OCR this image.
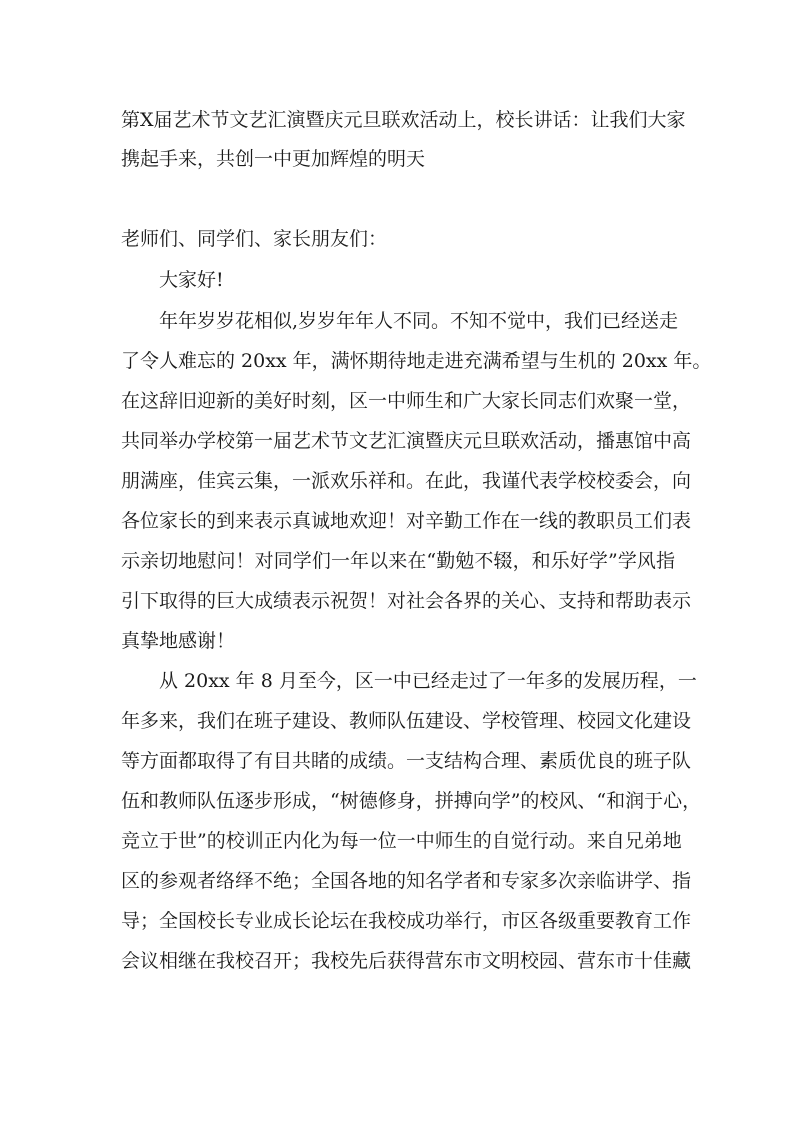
第X届艺术节文艺汇演暨庆元旦联欢活动上，校长讲话：让我们大家
携起手来，共创一中更加辉煌的明天
老师们、同学们、家长朋友们：
大家好!
年年岁岁花相似,岁岁年年人不同。不知不觉中，我们已经送走
了令人难忘的 20xx 年，满怀期待地走进充满希望与生机的 20xx 年。
在这辞旧迎新的美好时刻，区一中师生和广大家长同志们欢聚一堂，
共同举办学校第一届艺术节文艺汇演暨庆元旦联欢活动，播惠馆中高
朋满座，佳宾云集，一派欢乐祥和。在此，我谨代表学校校委会，向
各位家长的到来表示真诚地欢迎！对辛勤工作在一线的教职员工们表
示亲切地慰问！对同学们一年以来在“勤勉不辍，和乐好学”学风指
引下取得的巨大成绩表示祝贺！对社会各界的关心、支持和帮助表示
真挚地感谢！
从 20xx 年 8 月至今，区一中已经走过了一年多的发展历程，一
年多来，我们在班子建设、教师队伍建设、学校管理、校园文化建设
等方面都取得了有目共睹的成绩。一支结构合理、素质优良的班子队
伍和教师队伍逐步形成，“树德修身，拼搏向学”的校风、“和润于心，
竞立于世”的校训正内化为每一位一中师生的自觉行动。来自兄弟地
区的参观者络绎不绝；全国各地的知名学者和专家多次亲临讲学、指
导；全国校长专业成长论坛在我校成功举行，市区各级重要教育工作
会议相继在我校召开；我校先后获得营东市文明校园、营东市十佳藏
